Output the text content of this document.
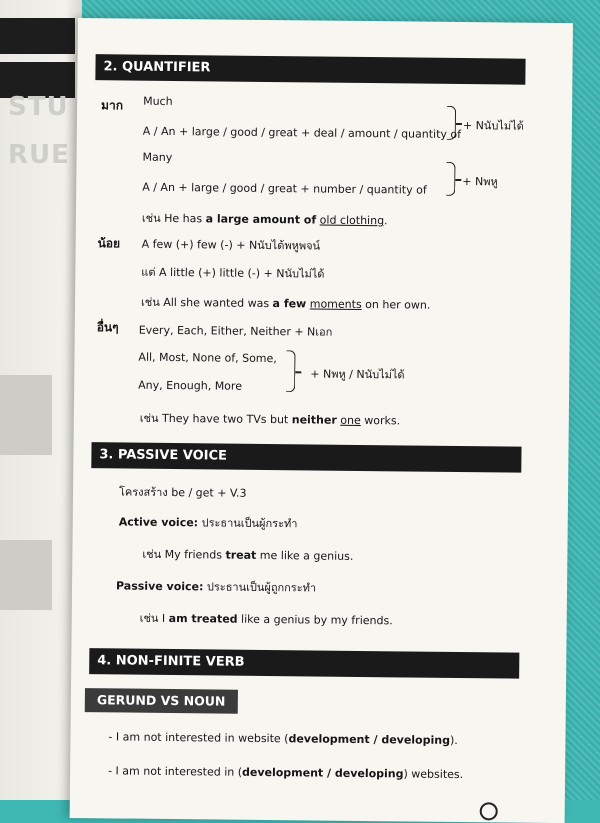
STU
RUE
2. QUANTIFIER
มาก Much
A / An + large / good / great + deal / amount / quantity of + Nนับไม่ได้
Many
A / An + large / good / great + number / quantity of	+ Nพหู
เช่น He has a large amount of old clothing.
น้อย A few (+) few (-) + Nนับได้พหูพจน์
แต่ A little (+) little (-) + Nนับไม่ได้
เช่น All she wanted was a few moments on her own.
อื่นๆ Every, Each, Either, Neither + Nเอก
All, Most, None of, Some,
Any, Enough, More
+ Nพหู / Nนับไม่ได้
เช่น They have two TVs but neither one works.
3. PASSIVE VOICE
โครงสร้าง be / get + V.3
Active voice: ประธานเป็นผู้กระทำ
เช่น My friends treat me like a genius.
Passive voice: ประธานเป็นผู้ถูกกระทำ
เช่น I am treated like a genius by my friends.
4. NON-FINITE VERB
GERUND VS NOUN
- I am not interested in website (development / developing).
- I am not interested in (development / developing) websites.
